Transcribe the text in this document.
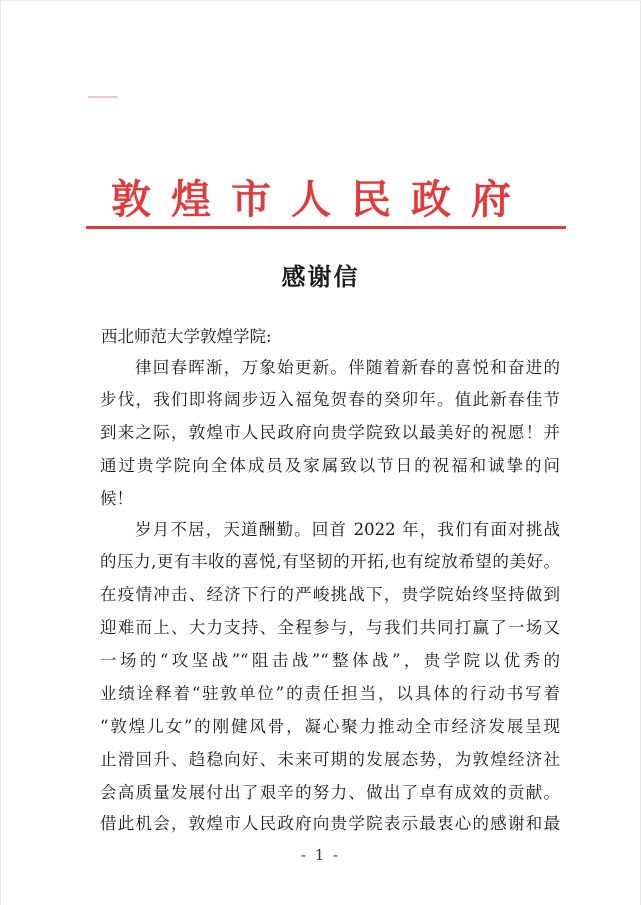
敦煌市人民政府
感谢信
西北师范大学敦煌学院:
律回春晖渐，万象始更新。伴随着新春的喜悦和奋进的
步伐，我们即将阔步迈入福兔贺春的癸卯年。值此新春佳节
到来之际，敦煌市人民政府向贵学院致以最美好的祝愿！并
通过贵学院向全体成员及家属致以节日的祝福和诚挚的问
候！
岁月不居，天道酬勤。回首 2022 年，我们有面对挑战
的压力,更有丰收的喜悦,有坚韧的开拓,也有绽放希望的美好。
在疫情冲击、经济下行的严峻挑战下，贵学院始终坚持做到
迎难而上、大力支持、全程参与，与我们共同打赢了一场又
一场的“攻坚战”“阻击战”“整体战”，贵学院以优秀的
业绩诠释着“驻敦单位”的责任担当，以具体的行动书写着
“敦煌儿女”的刚健风骨，凝心聚力推动全市经济发展呈现
止滑回升、趋稳向好、未来可期的发展态势，为敦煌经济社
会高质量发展付出了艰辛的努力、做出了卓有成效的贡献。
借此机会，敦煌市人民政府向贵学院表示最衷心的感谢和最
- 1 -
